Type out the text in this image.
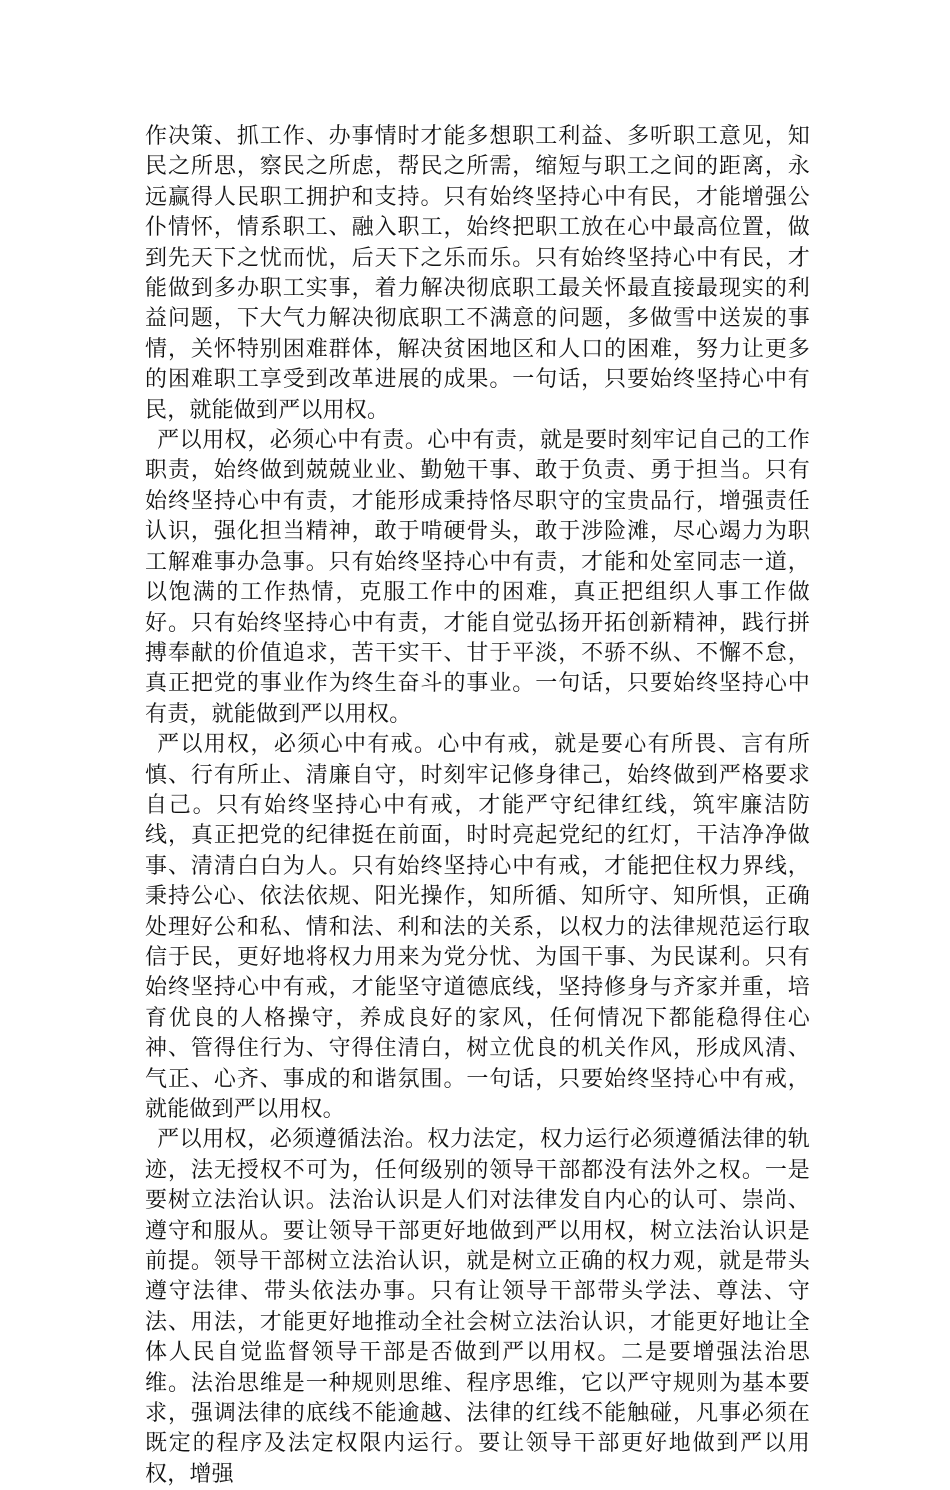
作决策、抓工作、办事情时才能多想职工利益、多听职工意见，知民之所思，察民之所虑，帮民之所需，缩短与职工之间的距离，永远赢得人民职工拥护和支持。只有始终坚持心中有民，才能增强公仆情怀，情系职工、融入职工，始终把职工放在心中最高位置，做到先天下之忧而忧，后天下之乐而乐。只有始终坚持心中有民，才能做到多办职工实事，着力解决彻底职工最关怀最直接最现实的利益问题，下大气力解决彻底职工不满意的问题，多做雪中送炭的事情，关怀特别困难群体，解决贫困地区和人口的困难，努力让更多的困难职工享受到改革进展的成果。一句话，只要始终坚持心中有民，就能做到严以用权。

严以用权，必须心中有责。心中有责，就是要时刻牢记自己的工作职责，始终做到兢兢业业、勤勉干事、敢于负责、勇于担当。只有始终坚持心中有责，才能形成秉持恪尽职守的宝贵品行，增强责任认识，强化担当精神，敢于啃硬骨头，敢于涉险滩，尽心竭力为职工解难事办急事。只有始终坚持心中有责，才能和处室同志一道，以饱满的工作热情，克服工作中的困难，真正把组织人事工作做好。只有始终坚持心中有责，才能自觉弘扬开拓创新精神，践行拼搏奉献的价值追求，苦干实干、甘于平淡，不骄不纵、不懈不怠，真正把党的事业作为终生奋斗的事业。一句话，只要始终坚持心中有责，就能做到严以用权。

严以用权，必须心中有戒。心中有戒，就是要心有所畏、言有所慎、行有所止、清廉自守，时刻牢记修身律己，始终做到严格要求自己。只有始终坚持心中有戒，才能严守纪律红线，筑牢廉洁防线，真正把党的纪律挺在前面，时时亮起党纪的红灯，干洁净净做事、清清白白为人。只有始终坚持心中有戒，才能把住权力界线，秉持公心、依法依规、阳光操作，知所循、知所守、知所惧，正确处理好公和私、情和法、利和法的关系，以权力的法律规范运行取信于民，更好地将权力用来为党分忧、为国干事、为民谋利。只有始终坚持心中有戒，才能坚守道德底线，坚持修身与齐家并重，培育优良的人格操守，养成良好的家风，任何情况下都能稳得住心神、管得住行为、守得住清白，树立优良的机关作风，形成风清、气正、心齐、事成的和谐氛围。一句话，只要始终坚持心中有戒，就能做到严以用权。

严以用权，必须遵循法治。权力法定，权力运行必须遵循法律的轨迹，法无授权不可为，任何级别的领导干部都没有法外之权。一是要树立法治认识。法治认识是人们对法律发自内心的认可、崇尚、遵守和服从。要让领导干部更好地做到严以用权，树立法治认识是前提。领导干部树立法治认识，就是树立正确的权力观，就是带头遵守法律、带头依法办事。只有让领导干部带头学法、尊法、守法、用法，才能更好地推动全社会树立法治认识，才能更好地让全体人民自觉监督领导干部是否做到严以用权。二是要增强法治思维。法治思维是一种规则思维、程序思维，它以严守规则为基本要求，强调法律的底线不能逾越、法律的红线不能触碰，凡事必须在既定的程序及法定权限内运行。要让领导干部更好地做到严以用权，增强
